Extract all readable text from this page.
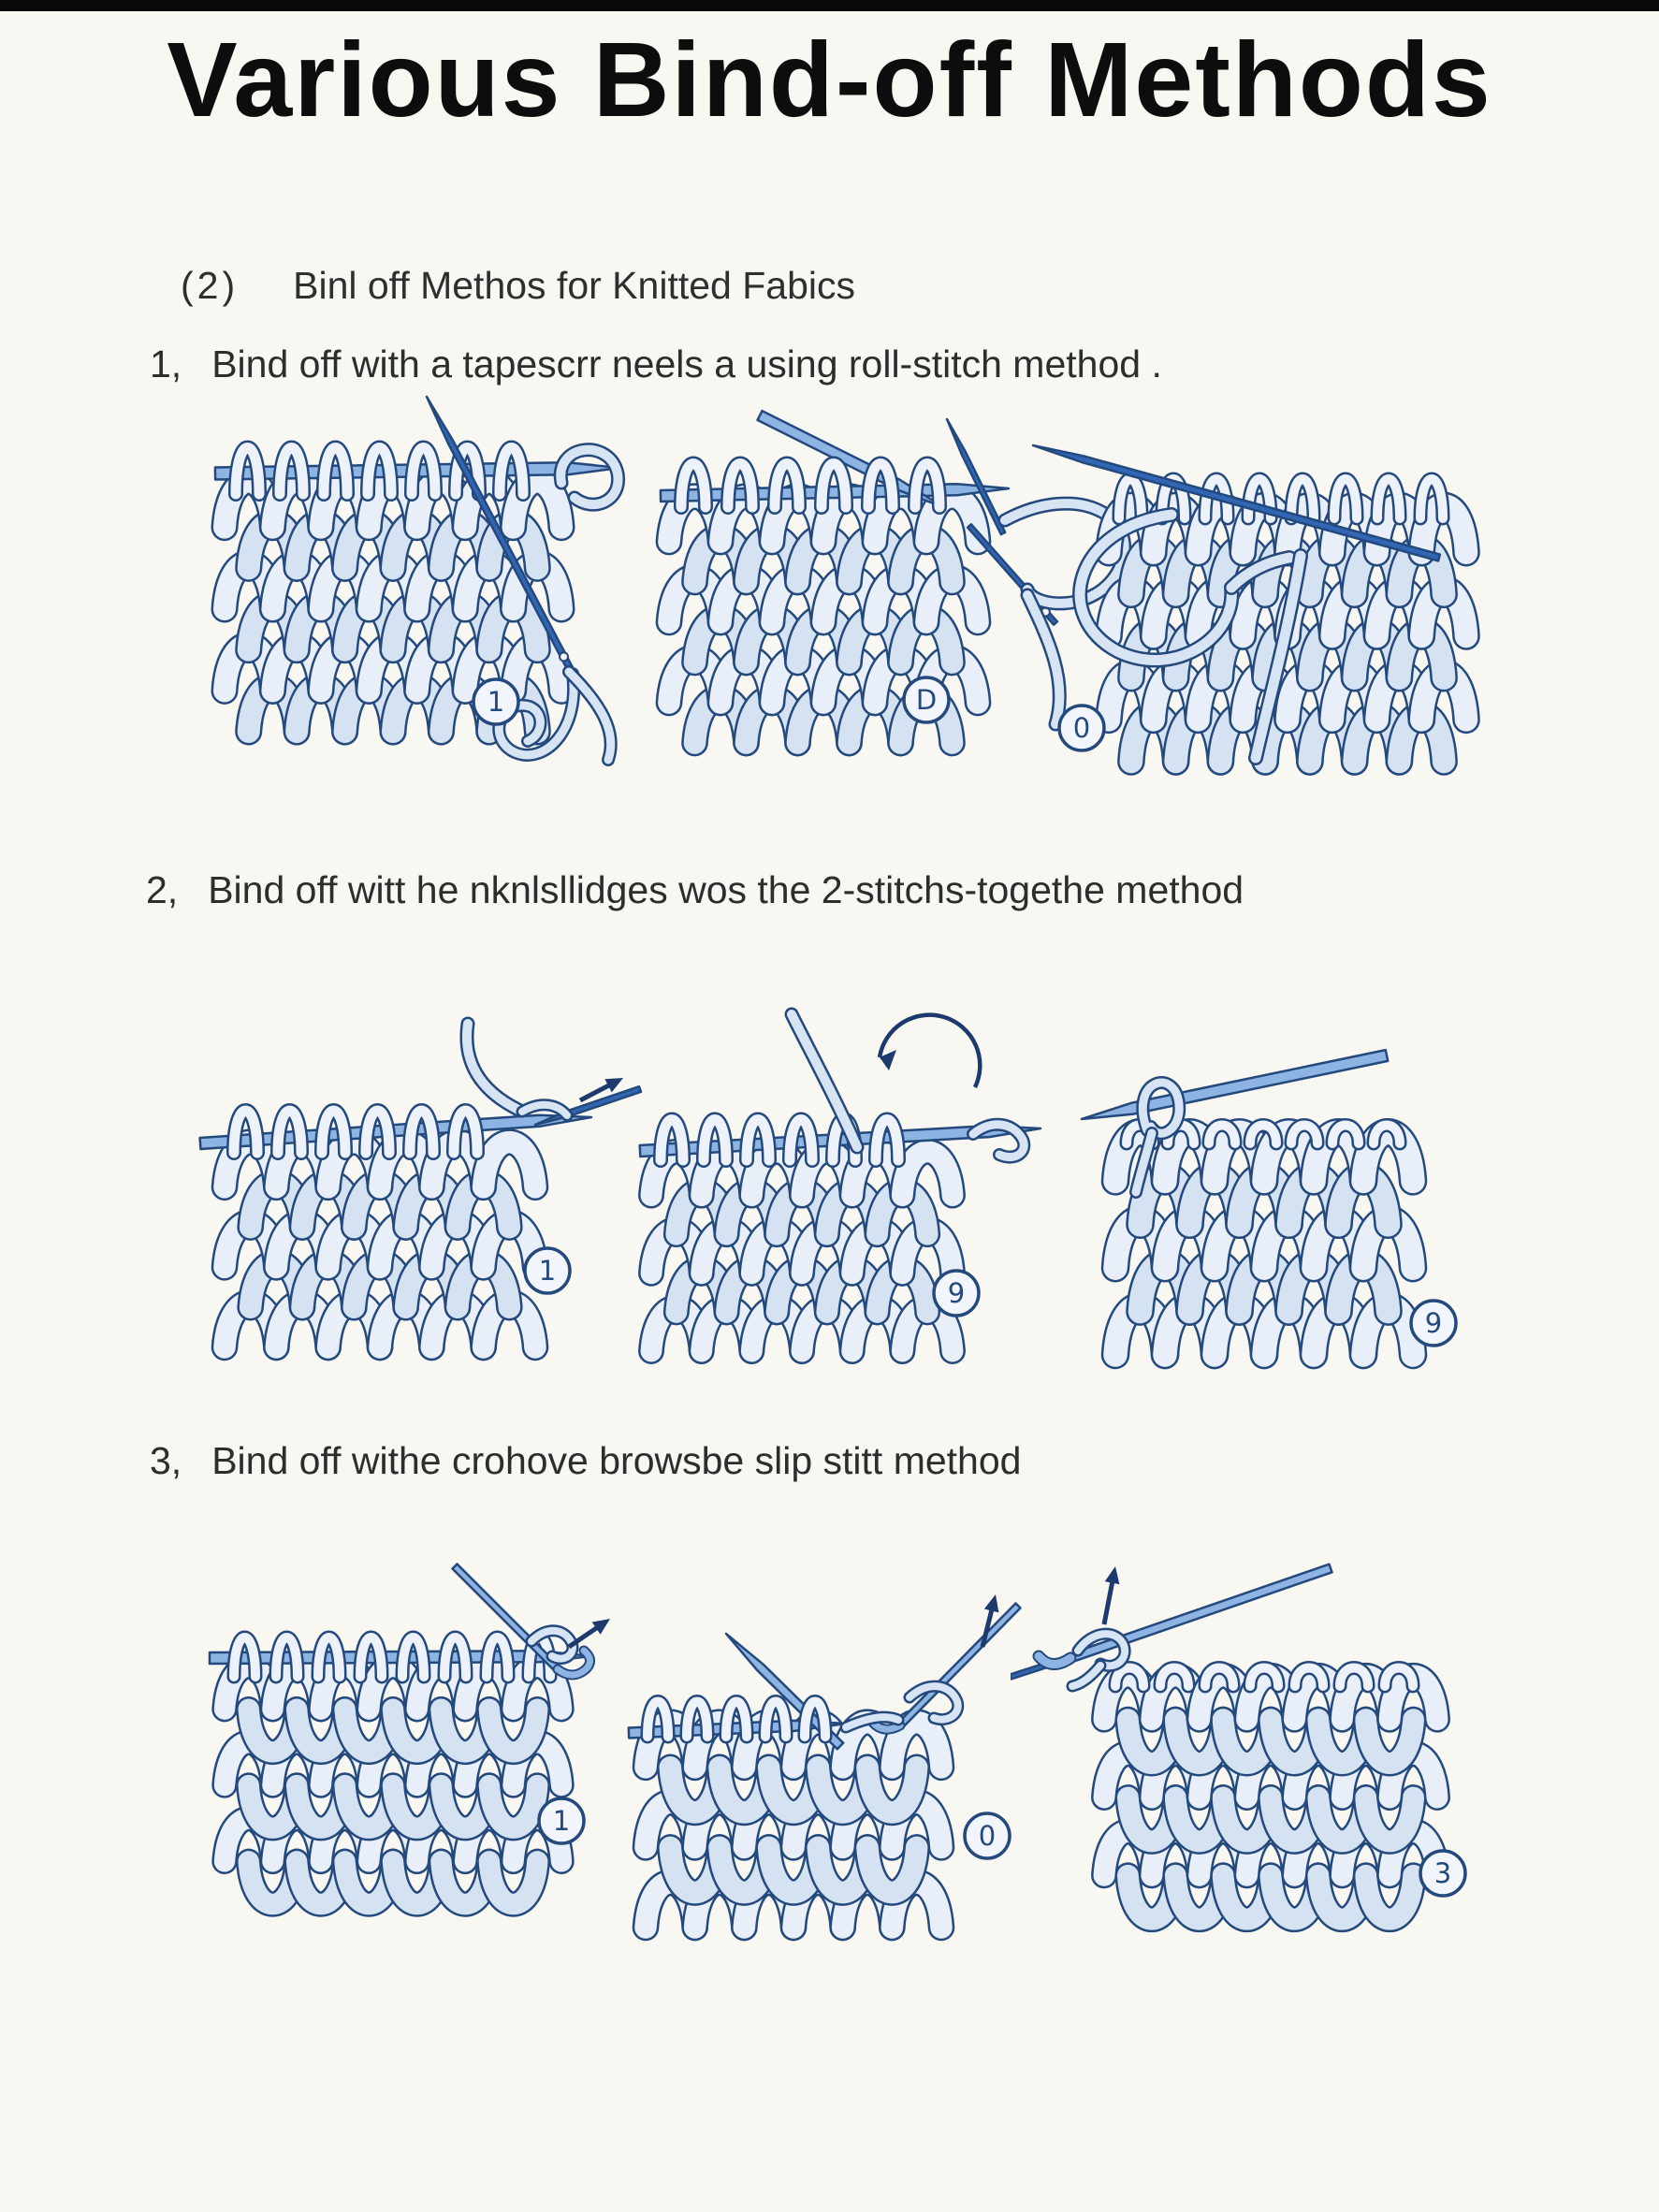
Various Bind-off Methods
(2) Binl off Methos for Knitted Fabics
1, Bind off with a tapescrr neels a using roll-stitch method .
2, Bind off witt he nknlsllidges wos the 2-stitchs-togethe method
3, Bind off withe crohove browsbe slip stitt method
1	D
0
1
9
9
1	0
3
